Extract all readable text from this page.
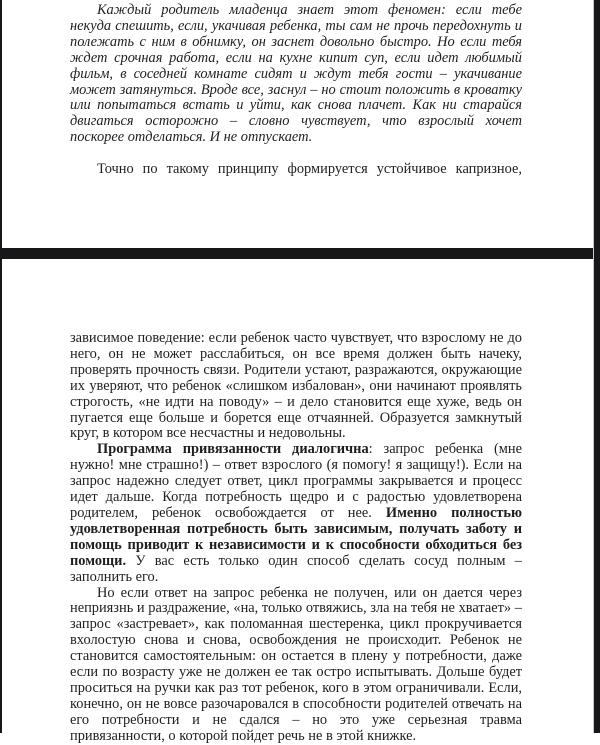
Каждый родитель младенца знает этот феномен: если тебе некуда спешить, если, укачивая ребенка, ты сам не прочь передохнуть и полежать с ним в обнимку, он заснет довольно быстро. Но если тебя ждет срочная работа, если на кухне кипит суп, если идет любимый фильм, в соседней комнате сидят и ждут тебя гости – укачивание может затянуться. Вроде все, заснул – но стоит положить в кроватку или попытаться встать и уйти, как снова плачет. Как ни старайся двигаться осторожно – словно чувствует, что взрослый хочет поскорее отделаться. И не отпускает.

Точно по такому принципу формируется устойчивое капризное,

зависимое поведение: если ребенок часто чувствует, что взрослому не до него, он не может расслабиться, он все время должен быть начеку, проверять прочность связи. Родители устают, разражаются, окружающие их уверяют, что ребенок «слишком избалован», они начинают проявлять строгость, «не идти на поводу» – и дело становится еще хуже, ведь он пугается еще больше и борется еще отчаянней. Образуется замкнутый круг, в котором все несчастны и недовольны.

Программа привязанности диалогична: запрос ребенка (мне нужно! мне страшно!) – ответ взрослого (я помогу! я защищу!). Если на запрос надежно следует ответ, цикл программы закрывается и процесс идет дальше. Когда потребность щедро и с радостью удовлетворена родителем, ребенок освобождается от нее. Именно полностью удовлетворенная потребность быть зависимым, получать заботу и помощь приводит к независимости и к способности обходиться без помощи. У вас есть только один способ сделать сосуд полным – заполнить его.

Но если ответ на запрос ребенка не получен, или он дается через неприязнь и раздражение, «на, только отвяжись, зла на тебя не хватает» – запрос «застревает», как поломанная шестеренка, цикл прокручивается вхолостую снова и снова, освобождения не происходит. Ребенок не становится самостоятельным: он остается в плену у потребности, даже если по возрасту уже не должен ее так остро испытывать. Дольше будет проситься на ручки как раз тот ребенок, кого в этом ограничивали. Если, конечно, он не вовсе разочаровался в способности родителей отвечать на его потребности и не сдался – но это уже серьезная травма привязанности, о которой пойдет речь не в этой книжке.
